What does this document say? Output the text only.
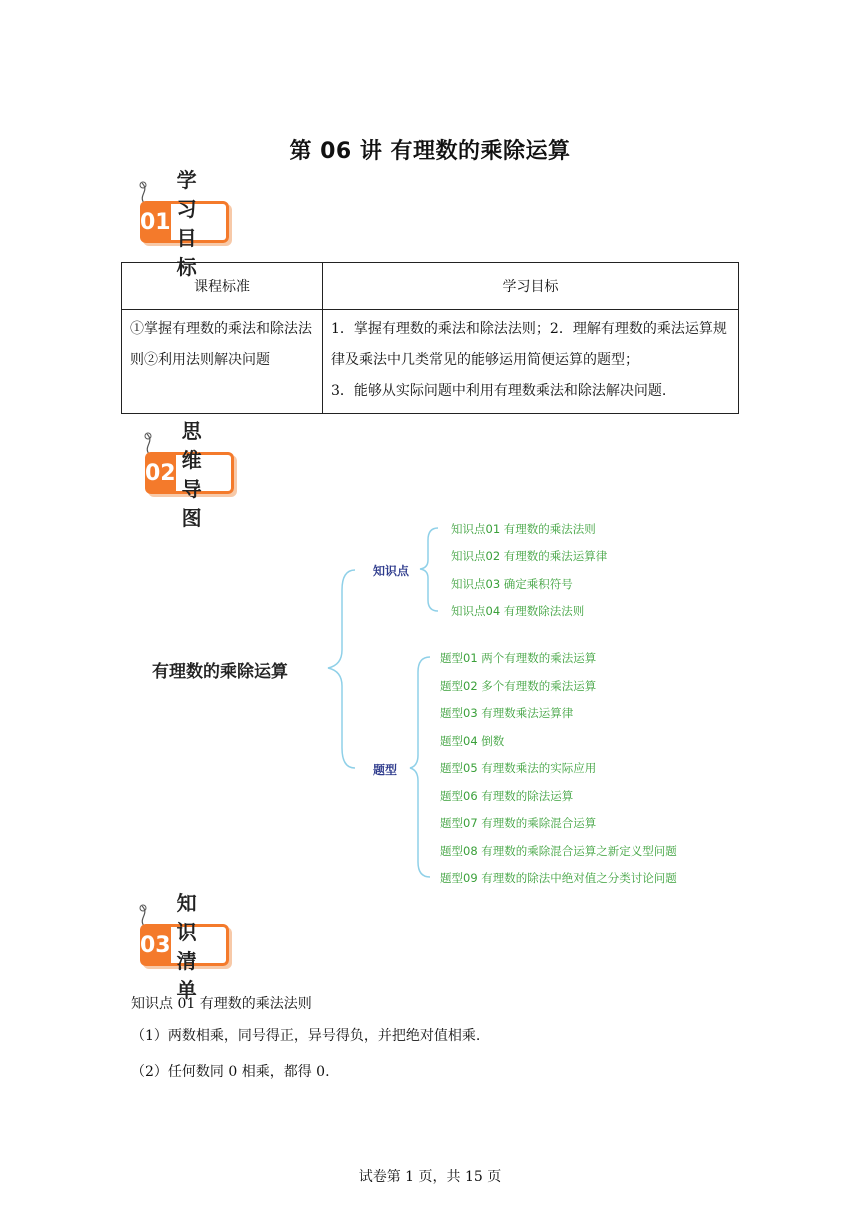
第 06 讲 有理数的乘除运算
01
学习目标
课程标准	学习目标
①掌握有理数的乘法和除法法则②利用法则解决问题	1．掌握有理数的乘法和除法法则；2．理解有理数的乘法运算规律及乘法中几类常见的能够运用简便运算的题型；
3．能够从实际问题中利用有理数乘法和除法解决问题.
02
思维导图
有理数的乘除运算
知识点
题型
知识点01 有理数的乘法法则
知识点02 有理数的乘法运算律
知识点03 确定乘积符号
知识点04 有理数除法法则
题型01 两个有理数的乘法运算
题型02 多个有理数的乘法运算
题型03 有理数乘法运算律
题型04 倒数
题型05 有理数乘法的实际应用
题型06 有理数的除法运算
题型07 有理数的乘除混合运算
题型08 有理数的乘除混合运算之新定义型问题
题型09 有理数的除法中绝对值之分类讨论问题
03
知识清单
知识点 01 有理数的乘法法则
（1）两数相乘，同号得正，异号得负，并把绝对值相乘.
（2）任何数同 0 相乘，都得 0.
试卷第 1 页，共 15 页
